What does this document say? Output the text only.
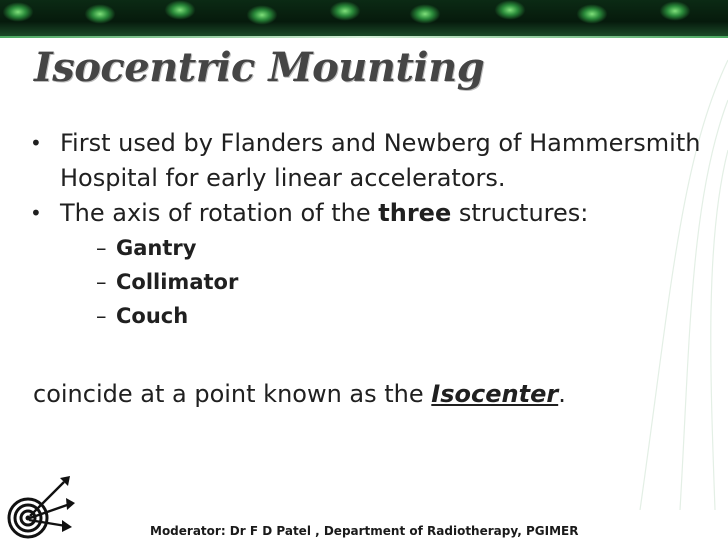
Isocentric Mounting
• First used by Flanders and Newberg of Hammersmith Hospital for early linear accelerators.
• The axis of rotation of the three structures:
– Gantry
– Collimator
– Couch

coincide at a point known as the Isocenter.

Moderator: Dr F D Patel , Department of Radiotherapy, PGIMER
